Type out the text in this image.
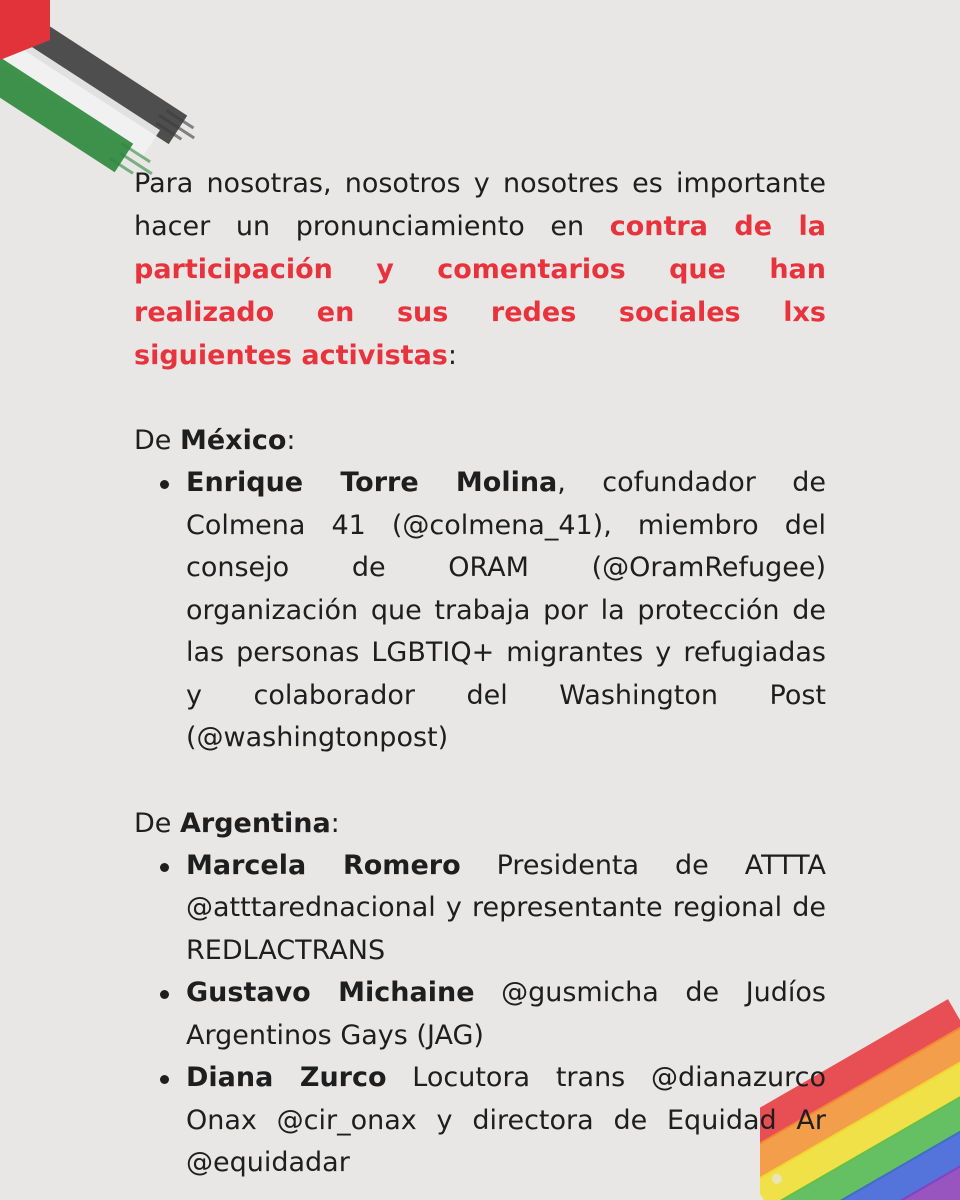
Para nosotras, nosotros y nosotres es importante hacer un pronunciamiento en contra de la participación y comentarios que han realizado en sus redes sociales lxs siguientes activistas:

De México:

Enrique Torre Molina, cofundador de Colmena 41 (@colmena_41), miembro del consejo de ORAM (@OramRefugee) organización que trabaja por la protección de las personas LGBTIQ+ migrantes y refugiadas y colaborador del Washington Post (@washingtonpost)

De Argentina:

Marcela Romero Presidenta de ATTTA @atttarednacional y representante regional de REDLACTRANS
Gustavo Michaine @gusmicha de Judíos Argentinos Gays (JAG)
Diana Zurco Locutora trans @dianazurco Onax @cir_onax y directora de Equidad Ar @equidadar
